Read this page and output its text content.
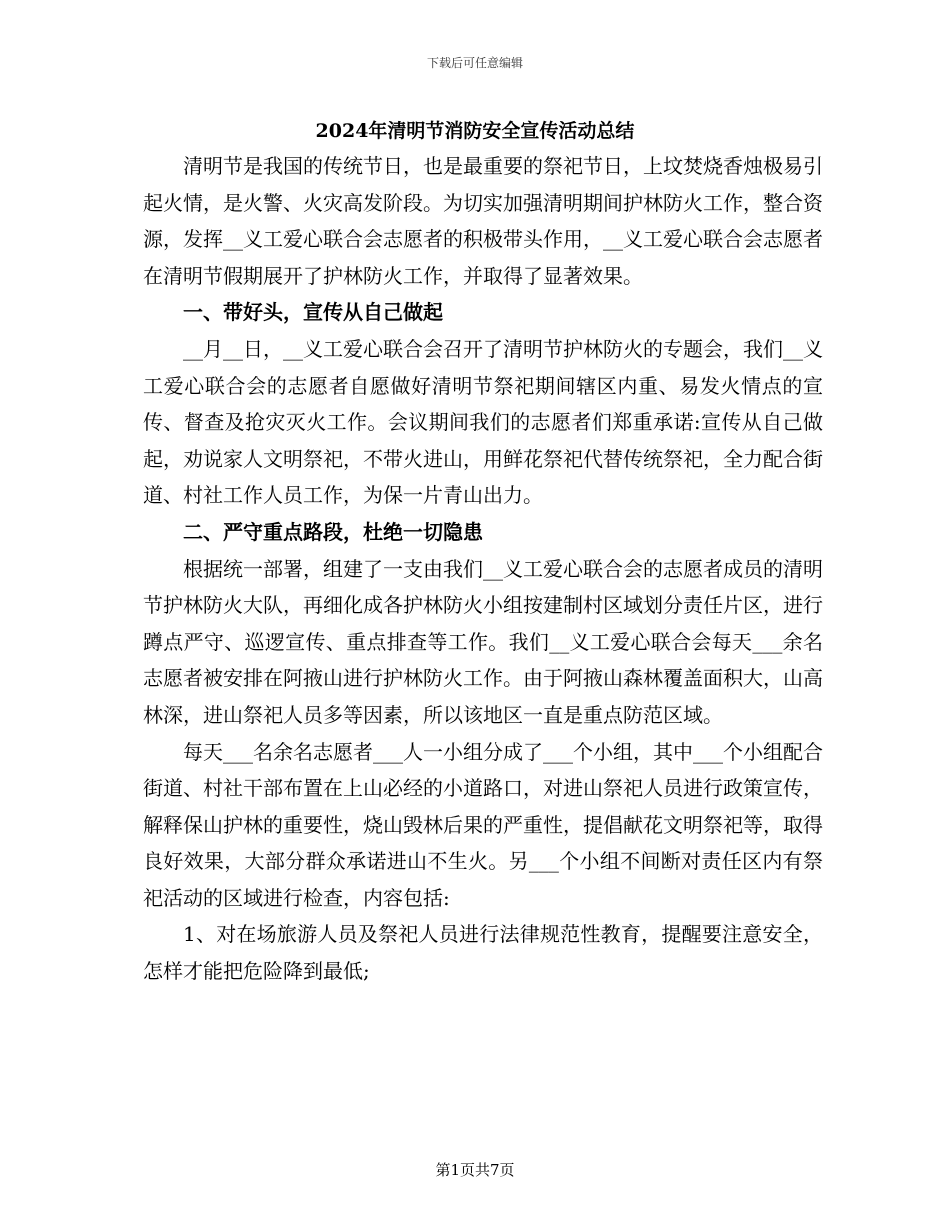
下载后可任意编辑
2024年清明节消防安全宣传活动总结

清明节是我国的传统节日，也是最重要的祭祀节日，上坟焚烧香烛极易引起火情，是火警、火灾高发阶段。为切实加强清明期间护林防火工作，整合资源，发挥__义工爱心联合会志愿者的积极带头作用，__义工爱心联合会志愿者在清明节假期展开了护林防火工作，并取得了显著效果。

一、带好头，宣传从自己做起

__月__日，__义工爱心联合会召开了清明节护林防火的专题会，我们__义工爱心联合会的志愿者自愿做好清明节祭祀期间辖区内重、易发火情点的宣传、督查及抢灾灭火工作。会议期间我们的志愿者们郑重承诺:宣传从自己做起，劝说家人文明祭祀，不带火进山，用鲜花祭祀代替传统祭祀，全力配合街道、村社工作人员工作，为保一片青山出力。

二、严守重点路段，杜绝一切隐患

根据统一部署，组建了一支由我们__义工爱心联合会的志愿者成员的清明节护林防火大队，再细化成各护林防火小组按建制村区域划分责任片区，进行蹲点严守、巡逻宣传、重点排查等工作。我们__义工爱心联合会每天___余名志愿者被安排在阿掖山进行护林防火工作。由于阿掖山森林覆盖面积大，山高林深，进山祭祀人员多等因素，所以该地区一直是重点防范区域。

每天___名余名志愿者___人一小组分成了___个小组，其中___个小组配合街道、村社干部布置在上山必经的小道路口，对进山祭祀人员进行政策宣传，解释保山护林的重要性，烧山毁林后果的严重性，提倡献花文明祭祀等，取得良好效果，大部分群众承诺进山不生火。另___个小组不间断对责任区内有祭祀活动的区域进行检查，内容包括:

1、对在场旅游人员及祭祀人员进行法律规范性教育，提醒要注意安全，怎样才能把危险降到最低;

第1页共7页
